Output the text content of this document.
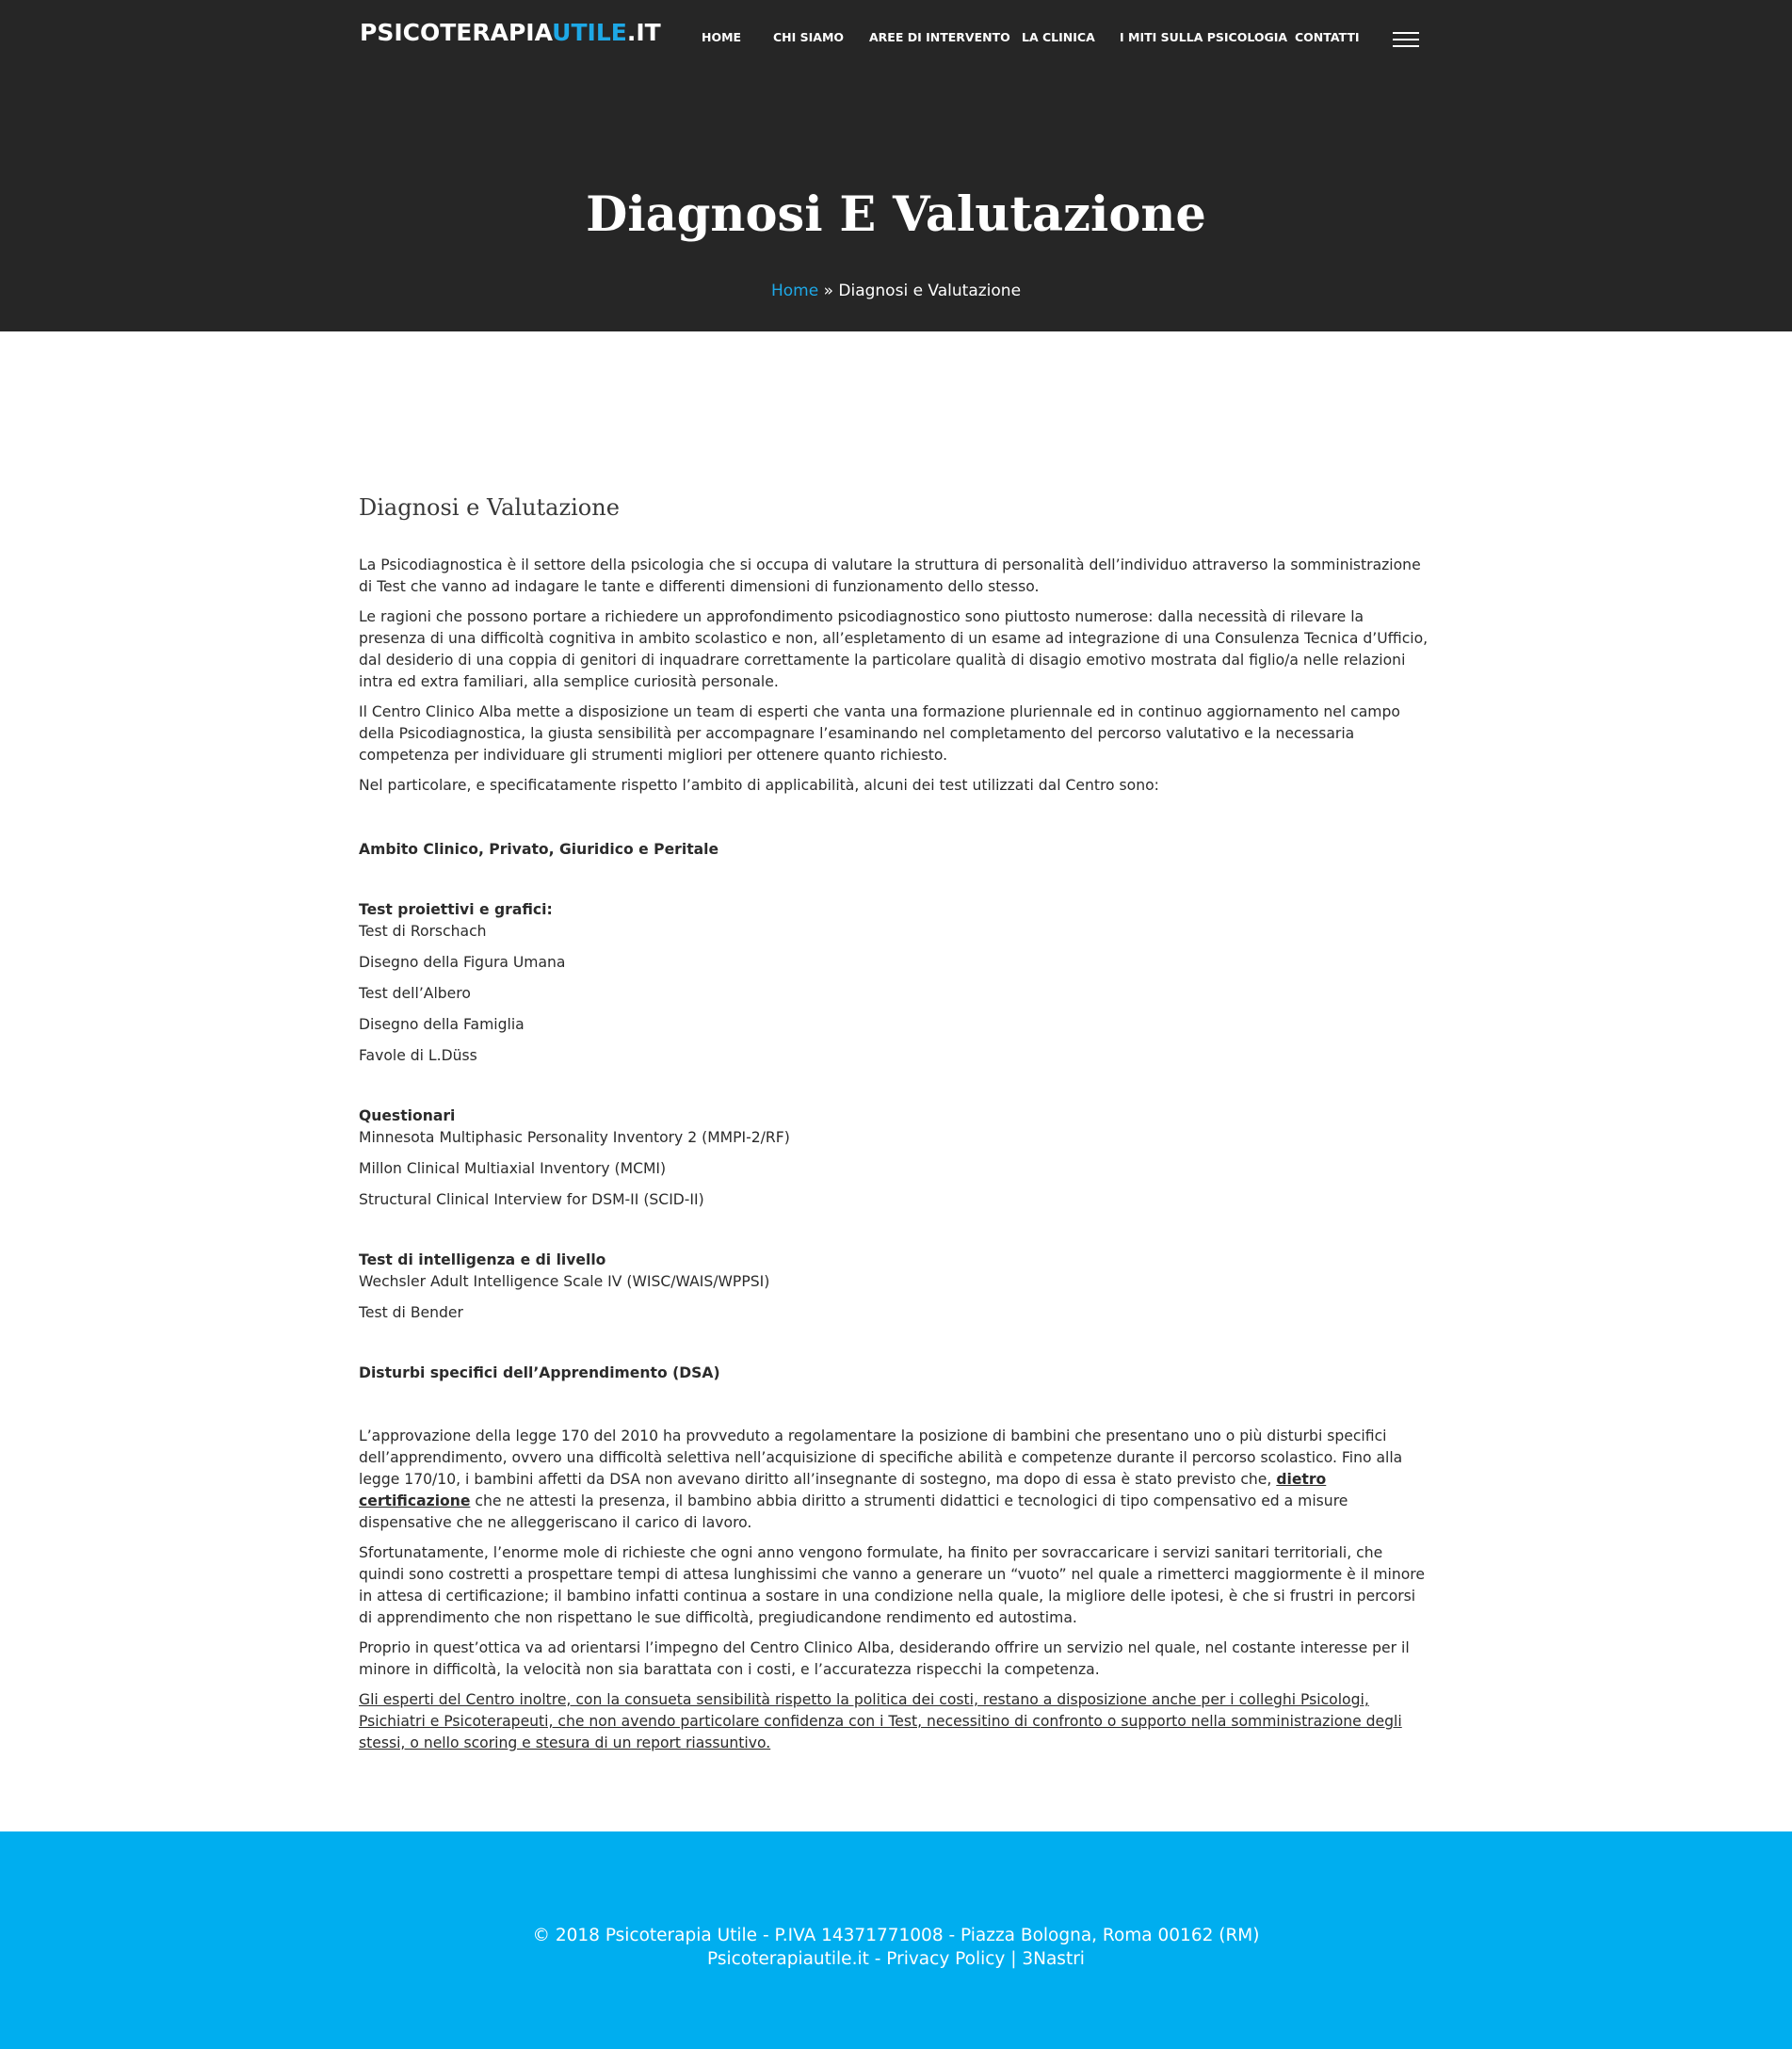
PSICOTERAPIAUTILE.IT	HOME	CHI SIAMO AREE DI INTERVENTO LA CLINICA I MITI SULLA PSICOLOGIA CONTATTI
Diagnosi E Valutazione
Home » Diagnosi e Valutazione
Diagnosi e Valutazione

La Psicodiagnostica è il settore della psicologia che si occupa di valutare la struttura di personalità dell’individuo attraverso la somministrazione di Test che vanno ad indagare le tante e differenti dimensioni di funzionamento dello stesso.

Le ragioni che possono portare a richiedere un approfondimento psicodiagnostico sono piuttosto numerose: dalla necessità di rilevare la presenza di una difficoltà cognitiva in ambito scolastico e non, all’espletamento di un esame ad integrazione di una Consulenza Tecnica d’Ufficio, dal desiderio di una coppia di genitori di inquadrare correttamente la particolare qualità di disagio emotivo mostrata dal figlio/a nelle relazioni intra ed extra familiari, alla semplice curiosità personale.

Il Centro Clinico Alba mette a disposizione un team di esperti che vanta una formazione pluriennale ed in continuo aggiornamento nel campo della Psicodiagnostica, la giusta sensibilità per accompagnare l’esaminando nel completamento del percorso valutativo e la necessaria competenza per individuare gli strumenti migliori per ottenere quanto richiesto.

Nel particolare, e specificatamente rispetto l’ambito di applicabilità, alcuni dei test utilizzati dal Centro sono:

Ambito Clinico, Privato, Giuridico e Peritale

Test proiettivi e grafici:

Test di Rorschach

Disegno della Figura Umana

Test dell’Albero

Disegno della Famiglia

Favole di L.Düss

Questionari

Minnesota Multiphasic Personality Inventory 2 (MMPI-2/RF)

Millon Clinical Multiaxial Inventory (MCMI)

Structural Clinical Interview for DSM-II (SCID-II)

Test di intelligenza e di livello

Wechsler Adult Intelligence Scale IV (WISC/WAIS/WPPSI)

Test di Bender

Disturbi specifici dell’Apprendimento (DSA)

L’approvazione della legge 170 del 2010 ha provveduto a regolamentare la posizione di bambini che presentano uno o più disturbi specifici dell’apprendimento, ovvero una difficoltà selettiva nell’acquisizione di specifiche abilità e competenze durante il percorso scolastico. Fino alla legge 170/10, i bambini affetti da DSA non avevano diritto all’insegnante di sostegno, ma dopo di essa è stato previsto che, dietro certificazione che ne attesti la presenza, il bambino abbia diritto a strumenti didattici e tecnologici di tipo compensativo ed a misure dispensative che ne alleggeriscano il carico di lavoro.

Sfortunatamente, l’enorme mole di richieste che ogni anno vengono formulate, ha finito per sovraccaricare i servizi sanitari territoriali, che quindi sono costretti a prospettare tempi di attesa lunghissimi che vanno a generare un “vuoto” nel quale a rimetterci maggiormente è il minore in attesa di certificazione; il bambino infatti continua a sostare in una condizione nella quale, la migliore delle ipotesi, è che si frustri in percorsi di apprendimento che non rispettano le sue difficoltà, pregiudicandone rendimento ed autostima.

Proprio in quest’ottica va ad orientarsi l’impegno del Centro Clinico Alba, desiderando offrire un servizio nel quale, nel costante interesse per il minore in difficoltà, la velocità non sia barattata con i costi, e l’accuratezza rispecchi la competenza.

Gli esperti del Centro inoltre, con la consueta sensibilità rispetto la politica dei costi, restano a disposizione anche per i colleghi Psicologi, Psichiatri e Psicoterapeuti, che non avendo particolare confidenza con i Test, necessitino di confronto o supporto nella somministrazione degli stessi, o nello scoring e stesura di un report riassuntivo.

© 2018 Psicoterapia Utile - P.IVA 14371771008 - Piazza Bologna, Roma 00162 (RM)
Psicoterapiautile.it - Privacy Policy | 3Nastri
